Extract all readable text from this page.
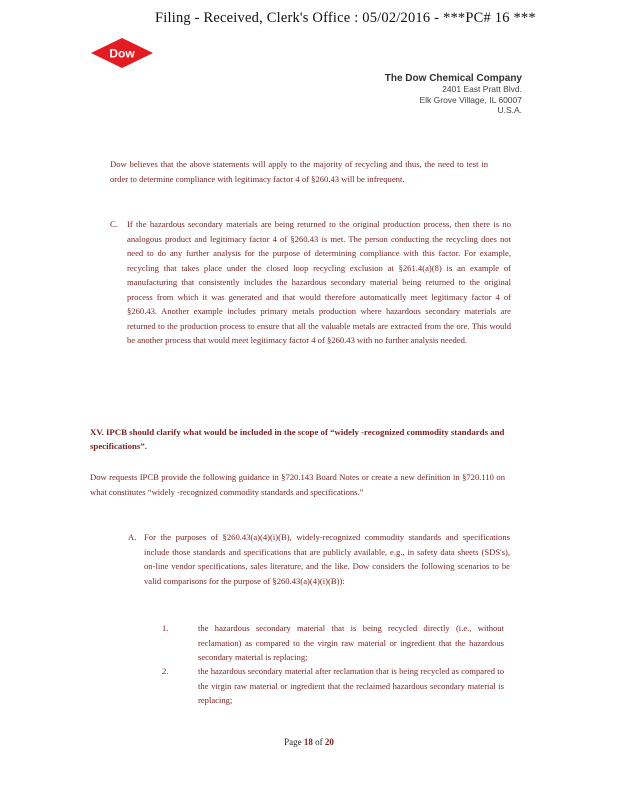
Filing - Received, Clerk's Office : 05/02/2016 - ***PC# 16 ***
Dow
The Dow Chemical Company
2401 East Pratt Blvd.
Elk Grove Village, IL 60007
U.S.A.
Dow believes that the above statements will apply to the majority of recycling and thus, the need to test in order to determine compliance with legitimacy factor 4 of §260.43 will be infrequent.
C. If the hazardous secondary materials are being returned to the original production process, then there is no analogous product and legitimacy factor 4 of §260.43 is met. The person conducting the recycling does not need to do any further analysis for the purpose of determining compliance with this factor. For example, recycling that takes place under the closed loop recycling exclusion at §261.4(a)(8) is an example of manufacturing that consistently includes the hazardous secondary material being returned to the original process from which it was generated and that would therefore automatically meet legitimacy factor 4 of §260.43. Another example includes primary metals production where hazardous secondary materials are returned to the production process to ensure that all the valuable metals are extracted from the ore. This would be another process that would meet legitimacy factor 4 of §260.43 with no further analysis needed.
XV. IPCB should clarify what would be included in the scope of “widely -recognized commodity standards and specifications”.
Dow requests IPCB provide the following guidance in §720.143 Board Notes or create a new definition in §720.110 on what constitutes “widely -recognized commodity standards and specifications.”
A. For the purposes of §260.43(a)(4)(i)(B), widely-recognized commodity standards and specifications include those standards and specifications that are publicly available, e.g., in safety data sheets (SDS's), on-line vendor specifications, sales literature, and the like. Dow considers the following scenarios to be valid comparisons for the purpose of §260.43(a)(4)(i)(B)):
1.	the hazardous secondary material that is being recycled directly (i.e., without reclamation) as compared to the virgin raw material or ingredient that the hazardous secondary material is replacing;
2.	the hazardous secondary material after reclamation that is being recycled as compared to the virgin raw material or ingredient that the reclaimed hazardous secondary material is replacing;
Page 18 of 20
